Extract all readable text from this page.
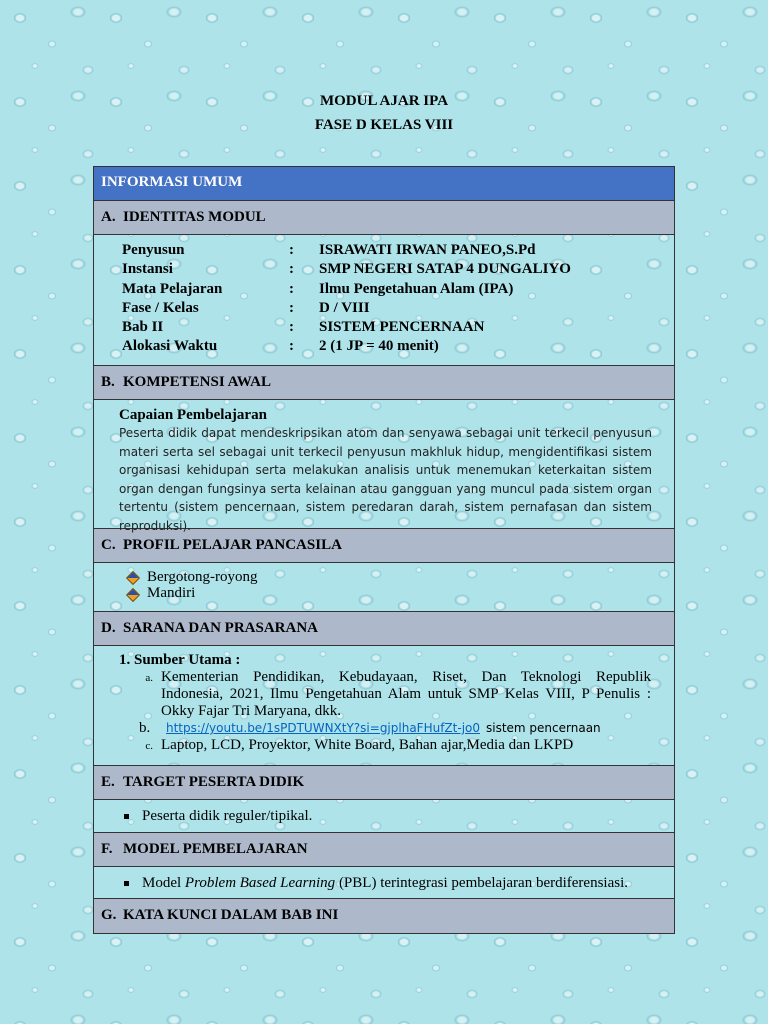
MODUL AJAR IPA
FASE D KELAS VIII
INFORMASI UMUM
A. IDENTITAS MODUL
Penyusun	:	ISRAWATI IRWAN PANEO,S.Pd
Instansi	:	SMP NEGERI SATAP 4 DUNGALIYO
Mata Pelajaran	:	Ilmu Pengetahuan Alam (IPA)
Fase / Kelas	:	D / VIII
Bab II	:	SISTEM PENCERNAAN
Alokasi Waktu	:	2 (1 JP = 40 menit)
B. KOMPETENSI AWAL
Capaian Pembelajaran
Peserta didik dapat mendeskripsikan atom dan senyawa sebagai unit terkecil penyusun materi serta sel sebagai unit terkecil penyusun makhluk hidup, mengidentifikasi sistem organisasi kehidupan serta melakukan analisis untuk menemukan keterkaitan sistem organ dengan fungsinya serta kelainan atau gangguan yang muncul pada sistem organ tertentu (sistem pencernaan, sistem peredaran darah, sistem pernafasan dan sistem reproduksi).
C. PROFIL PELAJAR PANCASILA
Bergotong-royong
Mandiri
D. SARANA DAN PRASARANA
1. Sumber Utama :
a. Kementerian Pendidikan, Kebudayaan, Riset, Dan Teknologi Republik Indonesia, 2021, Ilmu Pengetahuan Alam untuk SMP Kelas VIII, P Penulis : Okky Fajar Tri Maryana, dkk.
b.	https://youtu.be/1sPDTUWNXtY?si=gjplhaFHufZt-jo0 sistem pencernaan
c. Laptop, LCD, Proyektor, White Board, Bahan ajar,Media dan LKPD
E. TARGET PESERTA DIDIK
Peserta didik reguler/tipikal.
F. MODEL PEMBELAJARAN
Model Problem Based Learning (PBL) terintegrasi pembelajaran berdiferensiasi.
G. KATA KUNCI DALAM BAB INI
